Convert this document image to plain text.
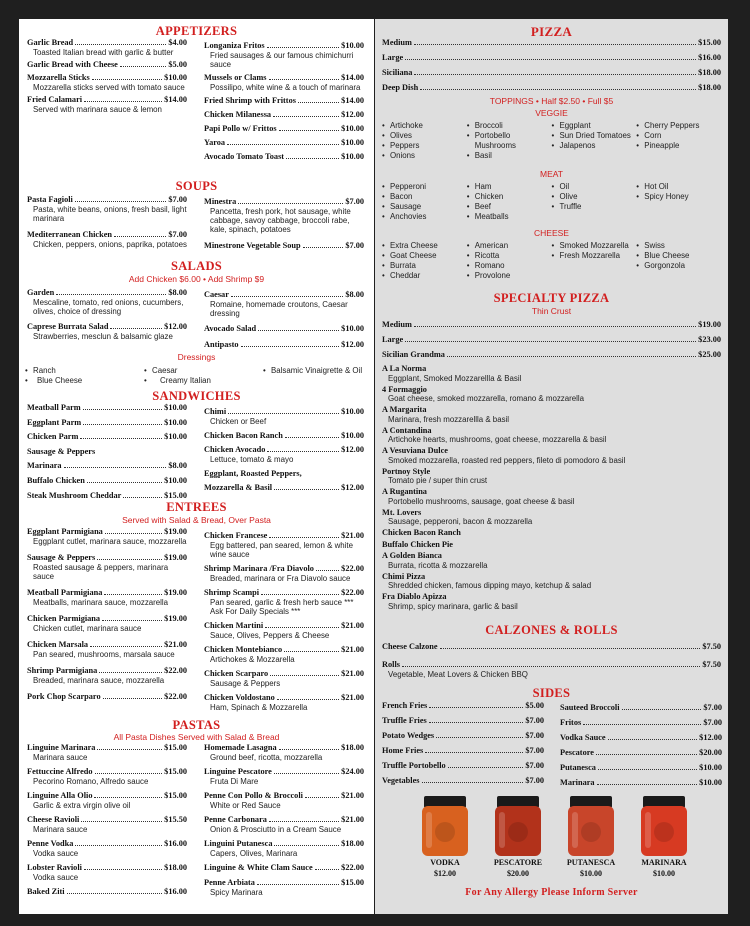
APPETIZERS
Garlic Bread	$4.00
Toasted Italian bread with garlic & butter
Garlic Bread with Cheese	$5.00
Mozzarella Sticks	$10.00
Mozzarella sticks served with tomato sauce
Fried Calamari	$14.00
Served with marinara sauce & lemon
Longaniza Fritos	$10.00
Fried sausages & our famous chimichurri sauce
Mussels or Clams	$14.00
Possilipo, white wine & a touch of marinara
Fried Shrimp with Frittos	$14.00
Chicken Milanessa	$12.00
Papi Pollo w/ Frittos	$10.00
Yaroa	$10.00
Avocado Tomato Toast	$10.00
SOUPS
Pasta Fagioli	$7.00
Pasta, white beans, onions, fresh basil, light marinara
Mediterranean Chicken	$7.00
Chicken, peppers, onions, paprika, potatoes
Minestra	$7.00
Pancetta, fresh pork, hot sausage, white cabbage, savoy cabbage, broccoli rabe, kale, spinach, potatoes
Minestrone Vegetable Soup	$7.00
SALADS
Add Chicken $6.00 • Add Shrimp $9
Garden	$8.00
Mescaline, tomato, red onions, cucumbers, olives, choice of dressing
Caprese Burrata Salad	$12.00
Strawberries, mesclun & balsamic glaze
Caesar	$8.00
Romaine, homemade croutons, Caesar dressing
Avocado Salad	$10.00
Antipasto	$12.00
Dressings
• Ranch
• Blue Cheese
• Caesar
• Creamy Italian
• Balsamic Vinaigrette & Oil
SANDWICHES
Meatball Parm	$10.00
Eggplant Parm	$10.00
Chicken Parm	$10.00
Sausage & Peppers
Marinara	$8.00
Buffalo Chicken	$10.00
Steak Mushroom Cheddar	$15.00
Chimi	$10.00
Chicken or Beef
Chicken Bacon Ranch	$10.00
Chicken Avocado	$12.00
Lettuce, tomato & mayo
Eggplant, Roasted Peppers,
Mozzarella & Basil	$12.00
ENTREES
Served with Salad & Bread, Over Pasta
Eggplant Parmigiana	$19.00
Eggplant cutlet, marinara sauce, mozzarella
Sausage & Peppers	$19.00
Roasted sausage & peppers, marinara sauce
Meatball Parmigiana	$19.00
Meatballs, marinara sauce, mozzarella
Chicken Parmigiana	$19.00
Chicken cutlet, marinara sauce
Chicken Marsala	$21.00
Pan seared, mushrooms, marsala sauce
Shrimp Parmigiana	$22.00
Breaded, marinara sauce, mozzarella
Pork Chop Scarparo	$22.00
Chicken Francese	$21.00
Egg battered, pan seared, lemon & white wine sauce
Shrimp Marinara /Fra Diavolo	$22.00
Breaded, marinara or Fra Diavolo sauce
Shrimp Scampi	$22.00
Pan seared, garlic & fresh herb sauce *** Ask For Daily Specials ***
Chicken Martini	$21.00
Sauce, Olives, Peppers & Cheese
Chicken Montebianco	$21.00
Artichokes & Mozzarella
Chicken Scarparo	$21.00
Sausage & Peppers
Chicken Voldostano	$21.00
Ham, Spinach & Mozzarella
PASTAS
All Pasta Dishes Served with Salad & Bread
Linguine Marinara	$15.00
Marinara sauce
Fettuccine Alfredo	$15.00
Pecorino Romano, Alfredo sauce
Linguine Alla Olio	$15.00
Garlic & extra virgin olive oil
Cheese Ravioli	$15.50
Marinara sauce
Penne Vodka	$16.00
Vodka sauce
Lobster Ravioli	$18.00
Vodka sauce
Baked Ziti	$16.00
Homemade Lasagna	$18.00
Ground beef, ricotta, mozzarella
Linguine Pescatore	$24.00
Fruta Di Mare
Penne Con Pollo & Broccoli	$21.00
White or Red Sauce
Penne Carbonara	$21.00
Onion & Prosciutto in a Cream Sauce
Linguini Putanesca	$18.00
Capers, Olives, Marinara
Linguine & White Clam Sauce	$22.00
Penne Arbiata	$15.00
Spicy Marinara
PIZZA
Medium	$15.00
Large	$16.00
Siciliana	$18.00
Deep Dish	$18.00
TOPPINGS • Half $2.50 • Full $5
VEGGIE
• Artichoke
• Olives
• Peppers
• Onions
• Broccoli
• Portobello Mushrooms
• Basil
• Eggplant
• Sun Dried Tomatoes
• Jalapenos
• Cherry Peppers
• Corn
• Pineapple
MEAT
• Pepperoni
• Bacon
• Sausage
• Anchovies
• Ham
• Chicken
• Beef
• Meatballs
• Oil
• Olive
• Truffle
• Hot Oil
• Spicy Honey
CHEESE
• Extra Cheese
• Goat Cheese
• Burrata
• Cheddar
• American
• Ricotta
• Romano
• Provolone
• Smoked Mozzarella
• Fresh Mozzarella
• Swiss
• Blue Cheese
• Gorgonzola
SPECIALTY PIZZA
Thin Crust
Medium	$19.00
Large	$23.00
Sicilian Grandma	$25.00
A La Norma
Eggplant, Smoked Mozzarellla & Basil
4 Formaggio
Goat cheese, smoked mozzarella, romano & mozzarella
A Margarita
Marinara, fresh mozzarellla & basil
A Contandina
Artichoke hearts, mushrooms, goat cheese, mozzarella & basil
A Vesuviana Dulce
Smoked mozzarella, roasted red peppers, fileto di pomodoro & basil
Portnoy Style
Tomato pie / super thin crust
A Rugantina
Portobello mushrooms, sausage, goat cheese & basil
Mt. Lovers
Sausage, pepperoni, bacon & mozzarella
Chicken Bacon Ranch
Buffalo Chicken Pie
A Golden Bianca
Burrata, ricotta & mozzarella
Chimi Pizza
Shredded chicken, famous dipping mayo, ketchup & salad
Fra Diablo Apizza
Shrimp, spicy marinara, garlic & basil
CALZONES & ROLLS
Cheese Calzone	$7.50
Rolls	$7.50
Vegetable, Meat Lovers & Chicken BBQ
SIDES
French Fries	$5.00
Truffle Fries	$7.00
Potato Wedges	$7.00
Home Fries	$7.00
Truffle Portobello	$7.00
Vegetables	$7.00
Sauteed Broccoli	$7.00
Fritos	$7.00
Vodka Sauce	$12.00
Pescatore	$20.00
Putanesca	$10.00
Marinara	$10.00
VODKA
$12.00
PESCATORE
$20.00
PUTANESCA
$10.00
MARINARA
$10.00
For Any Allergy Please Inform Server
